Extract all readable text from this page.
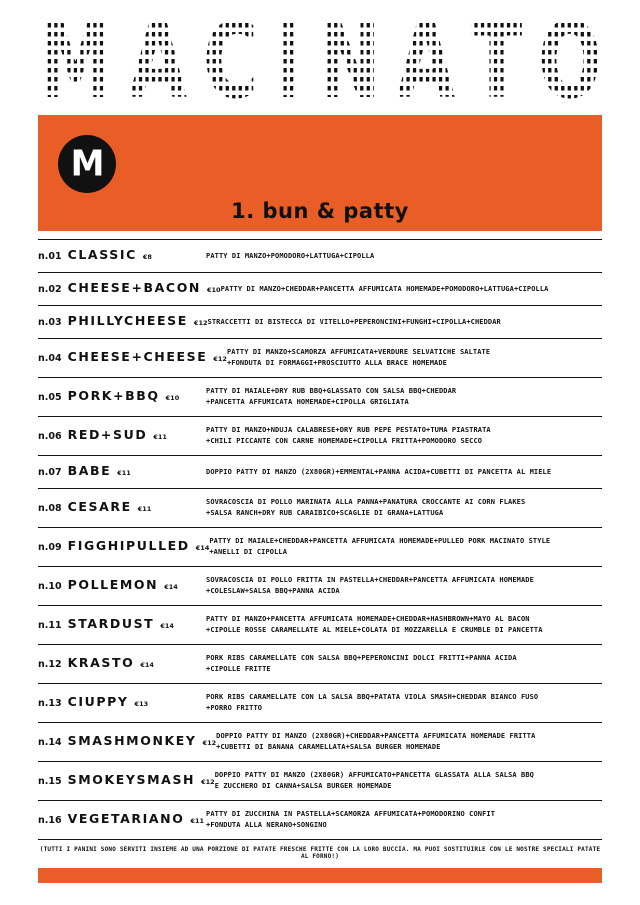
M A C I N A T O
M
1. bun & patty
n.01 CLASSIC €8	PATTY DI MANZO+POMODORO+LATTUGA+CIPOLLA
n.02 CHEESE+BACON €10 PATTY DI MANZO+CHEDDAR+PANCETTA AFFUMICATA HOMEMADE+POMODORO+LATTUGA+CIPOLLA
n.03 PHILLYCHEESE €12 STRACCETTI DI BISTECCA DI VITELLO+PEPERONCINI+FUNGHI+CIPOLLA+CHEDDAR
n.04 CHEESE+CHEESE €12
PATTY DI MANZO+SCAMORZA AFFUMICATA+VERDURE SELVATICHE SALTATE
+FONDUTA DI FORMAGGI+PROSCIUTTO ALLA BRACE HOMEMADE
n.05 PORK+BBQ €10
PATTY DI MAIALE+DRY RUB BBQ+GLASSATO CON SALSA BBQ+CHEDDAR
+PANCETTA AFFUMICATA HOMEMADE+CIPOLLA GRIGLIATA
n.06 RED+SUD €11
PATTY DI MANZO+NDUJA CALABRESE+DRY RUB PEPE PESTATO+TUMA PIASTRATA
+CHILI PICCANTE CON CARNE HOMEMADE+CIPOLLA FRITTA+POMODORO SECCO
n.07 BABE €11	DOPPIO PATTY DI MANZO (2X80GR)+EMMENTAL+PANNA ACIDA+CUBETTI DI PANCETTA AL MIELE
n.08 CESARE €11
SOVRACOSCIA DI POLLO MARINATA ALLA PANNA+PANATURA CROCCANTE AI CORN FLAKES
+SALSA RANCH+DRY RUB CARAIBICO+SCAGLIE DI GRANA+LATTUGA
n.09 FIGGHIPULLED €14
PATTY DI MAIALE+CHEDDAR+PANCETTA AFFUMICATA HOMEMADE+PULLED PORK MACINATO STYLE
+ANELLI DI CIPOLLA
n.10 POLLEMON €14
SOVRACOSCIA DI POLLO FRITTA IN PASTELLA+CHEDDAR+PANCETTA AFFUMICATA HOMEMADE
+COLESLAW+SALSA BBQ+PANNA ACIDA
n.11 STARDUST €14
PATTY DI MANZO+PANCETTA AFFUMICATA HOMEMADE+CHEDDAR+HASHBROWN+MAYO AL BACON
+CIPOLLE ROSSE CARAMELLATE AL MIELE+COLATA DI MOZZARELLA E CRUMBLE DI PANCETTA
n.12 KRASTO €14
PORK RIBS CARAMELLATE CON SALSA BBQ+PEPERONCINI DOLCI FRITTI+PANNA ACIDA
+CIPOLLE FRITTE
n.13 CIUPPY €13
PORK RIBS CARAMELLATE CON LA SALSA BBQ+PATATA VIOLA SMASH+CHEDDAR BIANCO FUSO
+PORRO FRITTO
n.14 SMASHMONKEY €12
DOPPIO PATTY DI MANZO (2X80GR)+CHEDDAR+PANCETTA AFFUMICATA HOMEMADE FRITTA
+CUBETTI DI BANANA CARAMELLATA+SALSA BURGER HOMEMADE
n.15 SMOKEYSMASH €12
DOPPIO PATTY DI MANZO (2X80GR) AFFUMICATO+PANCETTA GLASSATA ALLA SALSA BBQ
E ZUCCHERO DI CANNA+SALSA BURGER HOMEMADE
n.16 VEGETARIANO €11
PATTY DI ZUCCHINA IN PASTELLA+SCAMORZA AFFUMICATA+POMODORINO CONFIT
+FONDUTA ALLA NERANO+SONGINO
(TUTTI I PANINI SONO SERVITI INSIEME AD UNA PORZIONE DI PATATE FRESCHE FRITTE CON LA LORO BUCCIA. MA PUOI SOSTITUIRLE CON LE NOSTRE SPECIALI PATATE AL FORNO!)
